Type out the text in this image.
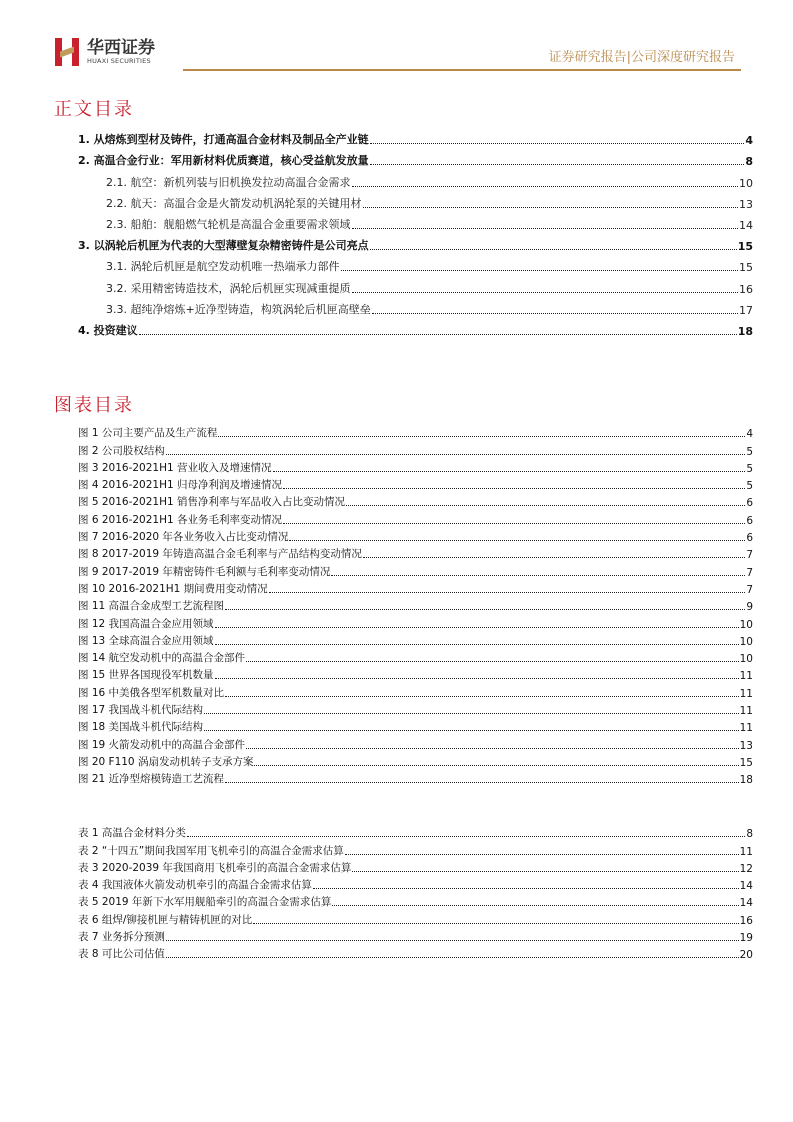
华西证券
HUAXI SECURITIES	证券研究报告|公司深度研究报告
正文目录
1. 从熔炼到型材及铸件，打通高温合金材料及制品全产业链	4
2. 高温合金行业：军用新材料优质赛道，核心受益航发放量	8
2.1. 航空：新机列装与旧机换发拉动高温合金需求	10
2.2. 航天：高温合金是火箭发动机涡轮泵的关键用材	13
2.3. 船舶：舰船燃气轮机是高温合金重要需求领域	14
3. 以涡轮后机匣为代表的大型薄壁复杂精密铸件是公司亮点	15
3.1. 涡轮后机匣是航空发动机唯一热端承力部件	15
3.2. 采用精密铸造技术，涡轮后机匣实现减重提质	16
3.3. 超纯净熔炼+近净型铸造，构筑涡轮后机匣高壁垒	17
4. 投资建议	18
图表目录
图 1 公司主要产品及生产流程	4
图 2 公司股权结构	5
图 3 2016-2021H1 营业收入及增速情况	5
图 4 2016-2021H1 归母净利润及增速情况	5
图 5 2016-2021H1 销售净利率与军品收入占比变动情况	6
图 6 2016-2021H1 各业务毛利率变动情况	6
图 7 2016-2020 年各业务收入占比变动情况	6
图 8 2017-2019 年铸造高温合金毛利率与产品结构变动情况	7
图 9 2017-2019 年精密铸件毛利额与毛利率变动情况	7
图 10 2016-2021H1 期间费用变动情况	7
图 11 高温合金成型工艺流程图	9
图 12 我国高温合金应用领域	10
图 13 全球高温合金应用领域	10
图 14 航空发动机中的高温合金部件	10
图 15 世界各国现役军机数量	11
图 16 中美俄各型军机数量对比	11
图 17 我国战斗机代际结构	11
图 18 美国战斗机代际结构	11
图 19 火箭发动机中的高温合金部件	13
图 20 F110 涡扇发动机转子支承方案	15
图 21 近净型熔模铸造工艺流程	18
表 1 高温合金材料分类	8
表 2 “十四五”期间我国军用飞机牵引的高温合金需求估算	11
表 3 2020-2039 年我国商用飞机牵引的高温合金需求估算	12
表 4 我国液体火箭发动机牵引的高温合金需求估算	14
表 5 2019 年新下水军用舰船牵引的高温合金需求估算	14
表 6 组焊/铆接机匣与精铸机匣的对比	16
表 7 业务拆分预测	19
表 8 可比公司估值	20
